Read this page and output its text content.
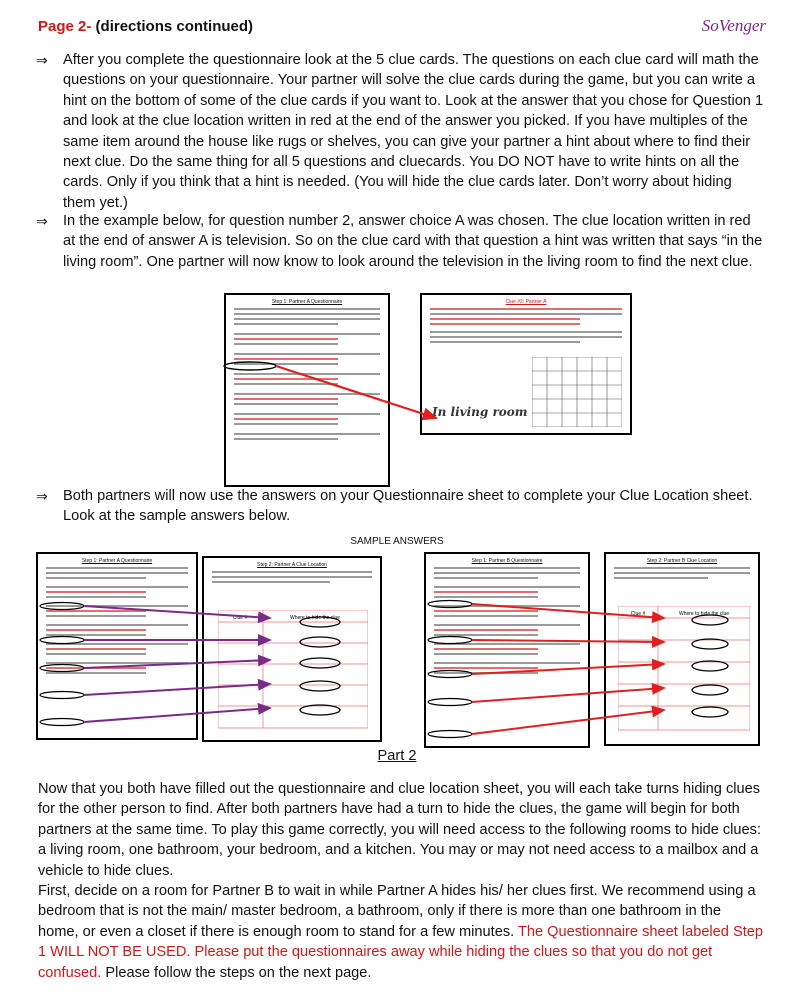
Page 2- (directions continued)	SoVenger
⇒	After you complete the questionnaire look at the 5 clue cards. The questions on each clue card will math the questions on your questionnaire. Your partner will solve the clue cards during the game, but you can write a hint on the bottom of some of the clue cards if you want to. Look at the answer that you chose for Question 1 and look at the clue location written in red at the end of the answer you picked. If you have multiples of the same item around the house like rugs or shelves, you can give your partner a hint about where to find their next clue. Do the same thing for all 5 questions and cluecards. You DO NOT have to write hints on all the cards. Only if you think that a hint is needed. (You will hide the clue cards later. Don’t worry about hiding them yet.)
⇒	In the example below, for question number 2, answer choice A was chosen. The clue location written in red at the end of answer A is television. So on the clue card with that question a hint was written that says “in the living room”. One partner will now know to look around the television in the living room to find the next clue.
Step 1: Partner A Questionnaire	Clue #2: Partner A
In living room
⇒	Both partners will now use the answers on your Questionnaire sheet to complete your Clue Location sheet. Look at the sample answers below.
SAMPLE ANSWERS
Step 1: Partner A Questionnaire
Step 2: Partner A Clue Location
Clue #	Where to hide the clue
Step 1: Partner B Questionnaire	Step 2: Partner B Clue Location
Clue #	Where to hide the clue
Part 2
Now that you both have filled out the questionnaire and clue location sheet, you will each take turns hiding clues for the other person to find. After both partners have had a turn to hide the clues, the game will begin for both partners at the same time. To play this game correctly, you will need access to the following rooms to hide clues: a living room, one bathroom, your bedroom, and a kitchen. You may or may not need access to a mailbox and a vehicle to hide clues.
First, decide on a room for Partner B to wait in while Partner A hides his/ her clues first. We recommend using a bedroom that is not the main/ master bedroom, a bathroom, only if there is more than one bathroom in the home, or even a closet if there is enough room to stand for a few minutes. The Questionnaire sheet labeled Step 1 WILL NOT BE USED. Please put the questionnaires away while hiding the clues so that you do not get confused. Please follow the steps on the next page.
